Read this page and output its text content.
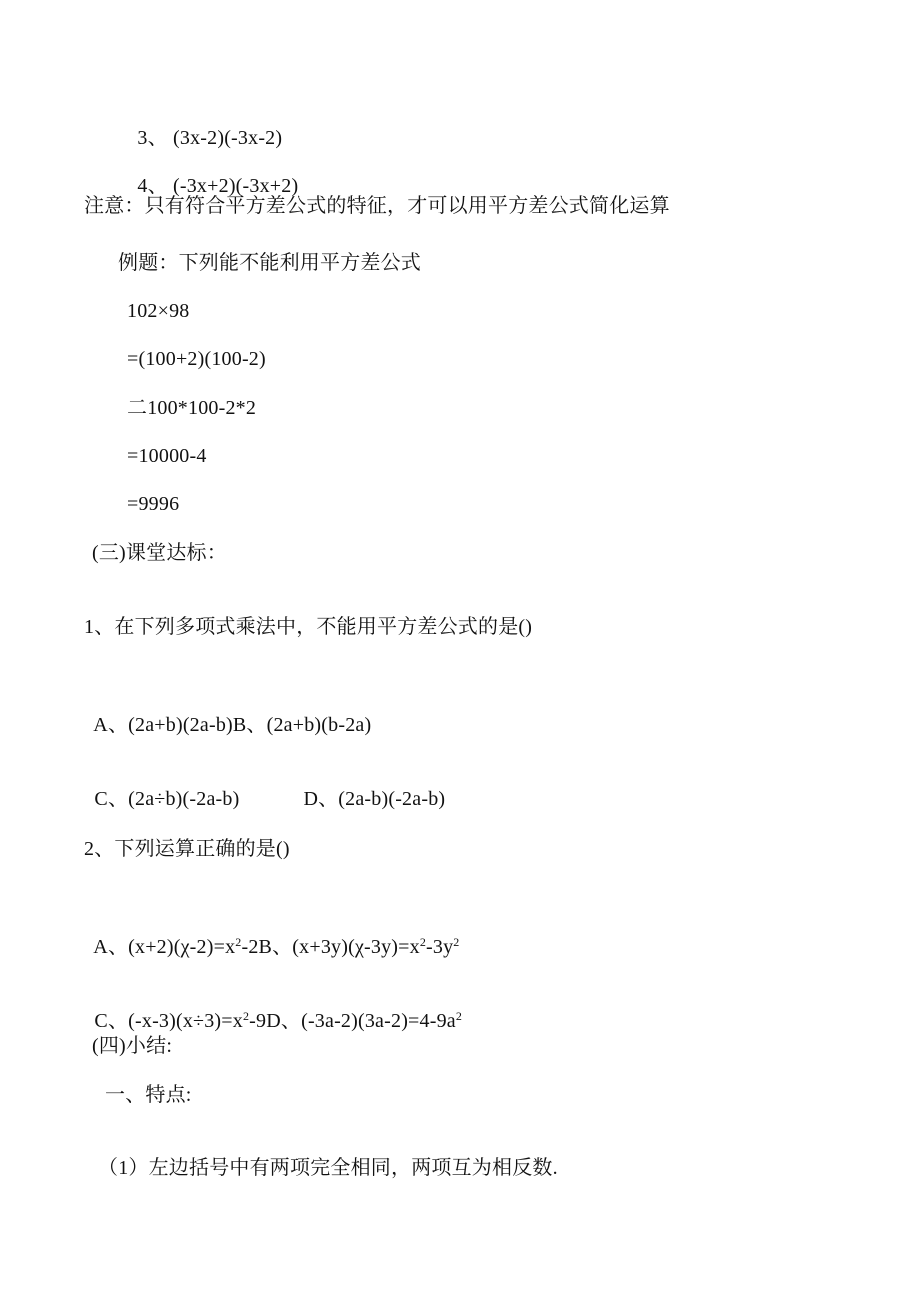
3、 (3x-2)(-3x-2)

4、 (-3x+2)(-3x+2)

注意：只有符合平方差公式的特征，才可以用平方差公式简化运算
例题：下列能不能利用平方差公式
102×98
=(100+2)(100-2)
二100*100-2*2
=10000-4
=9996
(三)课堂达标：
1、在下列多项式乘法中，不能用平方差公式的是()

A、(2a+b)(2a-b)B、(2a+b)(b-2a)

C、(2a÷b)(-2a-b)	D、(2a-b)(-2a-b)

2、下列运算正确的是()

A、$(x+2)(\chi-2)=x^2-2B$、$(x+3y)(\chi-3y)=x^2-3y^2$

C、$(-x-3)(x\div 3)=x^2-9D$、$(-3a-2)(3a-2)=4-9a^2$

(四)小结:
一、特点:
（1）左边括号中有两项完全相同，两项互为相反数.
